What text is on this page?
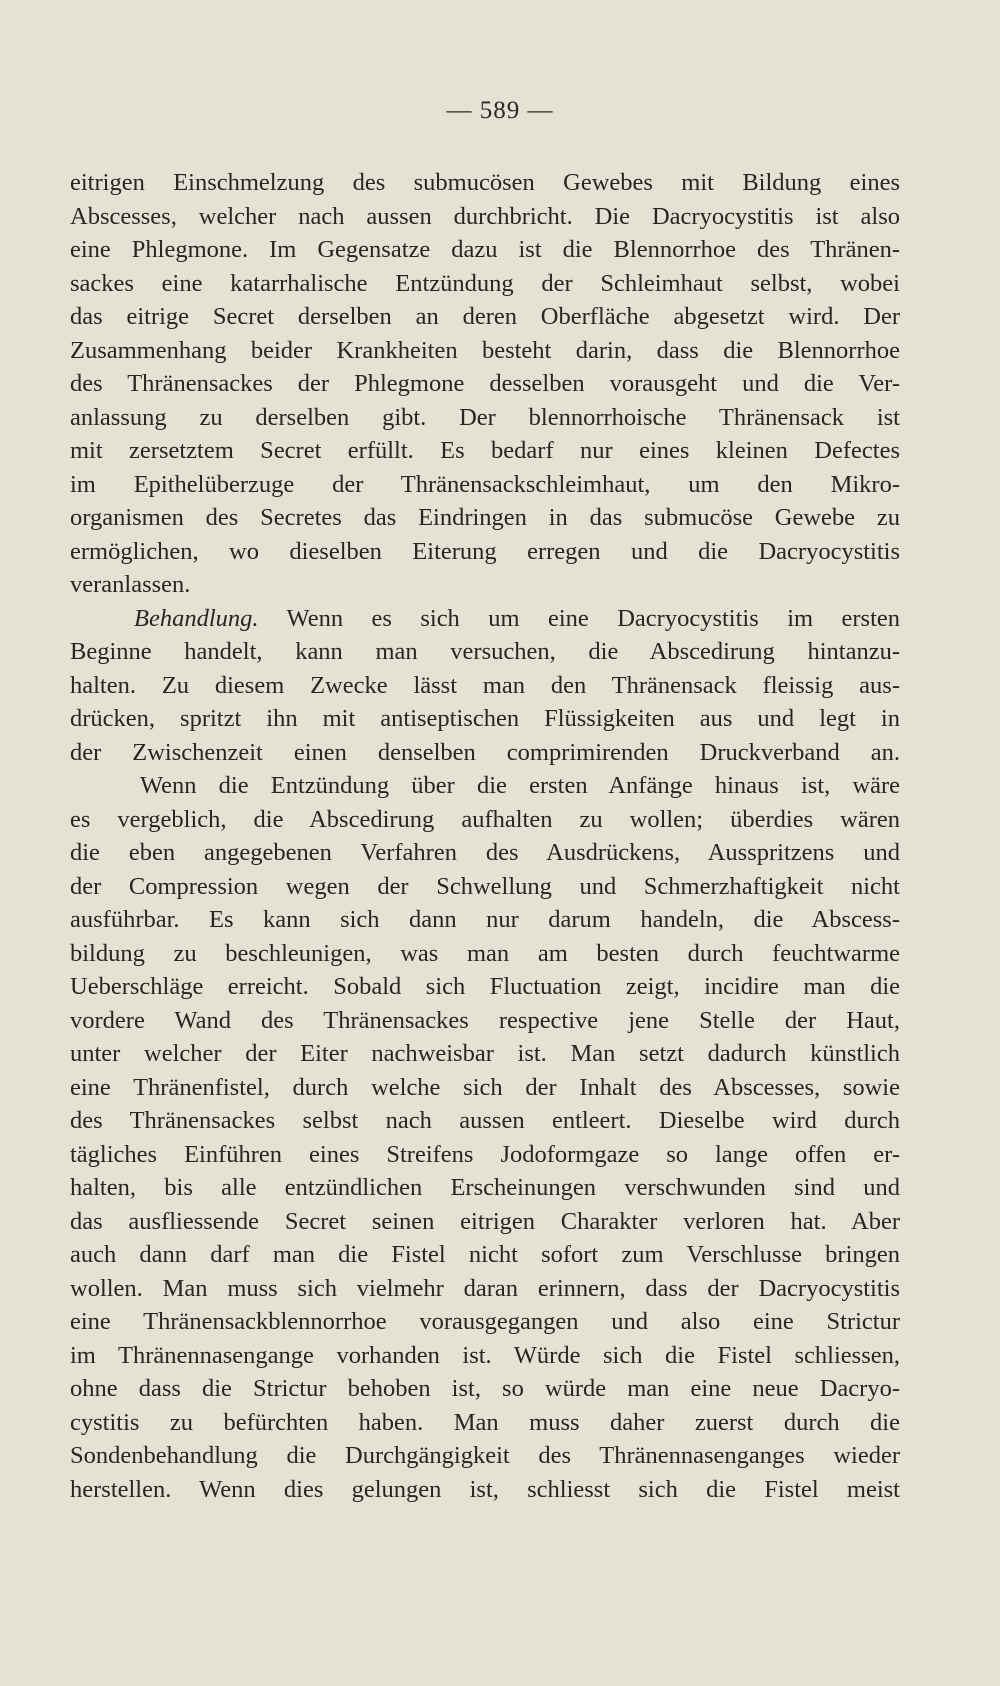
— 589 —
eitrigen Einschmelzung des submucösen Gewebes mit Bildung eines
Abscesses, welcher nach aussen durchbricht. Die Dacryocystitis ist also
eine Phlegmone. Im Gegensatze dazu ist die Blennorrhoe des Thränen-
sackes eine katarrhalische Entzündung der Schleimhaut selbst, wobei
das eitrige Secret derselben an deren Oberfläche abgesetzt wird. Der
Zusammenhang beider Krankheiten besteht darin, dass die Blennorrhoe
des Thränensackes der Phlegmone desselben vorausgeht und die Ver-
anlassung zu derselben gibt. Der blennorrhoische Thränensack ist
mit zersetztem Secret erfüllt. Es bedarf nur eines kleinen Defectes
im Epithelüberzuge der Thränensackschleimhaut, um den Mikro-
organismen des Secretes das Eindringen in das submucöse Gewebe zu
ermöglichen, wo dieselben Eiterung erregen und die Dacryocystitis
veranlassen.
Behandlung. Wenn es sich um eine Dacryocystitis im ersten
Beginne handelt, kann man versuchen, die Abscedirung hintanzu-
halten. Zu diesem Zwecke lässt man den Thränensack fleissig aus-
drücken, spritzt ihn mit antiseptischen Flüssigkeiten aus und legt in
der Zwischenzeit einen denselben comprimirenden Druckverband an.
Wenn die Entzündung über die ersten Anfänge hinaus ist, wäre
es vergeblich, die Abscedirung aufhalten zu wollen; überdies wären
die eben angegebenen Verfahren des Ausdrückens, Ausspritzens und
der Compression wegen der Schwellung und Schmerzhaftigkeit nicht
ausführbar. Es kann sich dann nur darum handeln, die Abscess-
bildung zu beschleunigen, was man am besten durch feuchtwarme
Ueberschläge erreicht. Sobald sich Fluctuation zeigt, incidire man die
vordere Wand des Thränensackes respective jene Stelle der Haut,
unter welcher der Eiter nachweisbar ist. Man setzt dadurch künstlich
eine Thränenfistel, durch welche sich der Inhalt des Abscesses, sowie
des Thränensackes selbst nach aussen entleert. Dieselbe wird durch
tägliches Einführen eines Streifens Jodoformgaze so lange offen er-
halten, bis alle entzündlichen Erscheinungen verschwunden sind und
das ausfliessende Secret seinen eitrigen Charakter verloren hat. Aber
auch dann darf man die Fistel nicht sofort zum Verschlusse bringen
wollen. Man muss sich vielmehr daran erinnern, dass der Dacryocystitis
eine Thränensackblennorrhoe vorausgegangen und also eine Strictur
im Thränennasengange vorhanden ist. Würde sich die Fistel schliessen,
ohne dass die Strictur behoben ist, so würde man eine neue Dacryo-
cystitis zu befürchten haben. Man muss daher zuerst durch die
Sondenbehandlung die Durchgängigkeit des Thränennasenganges wieder
herstellen. Wenn dies gelungen ist, schliesst sich die Fistel meist
